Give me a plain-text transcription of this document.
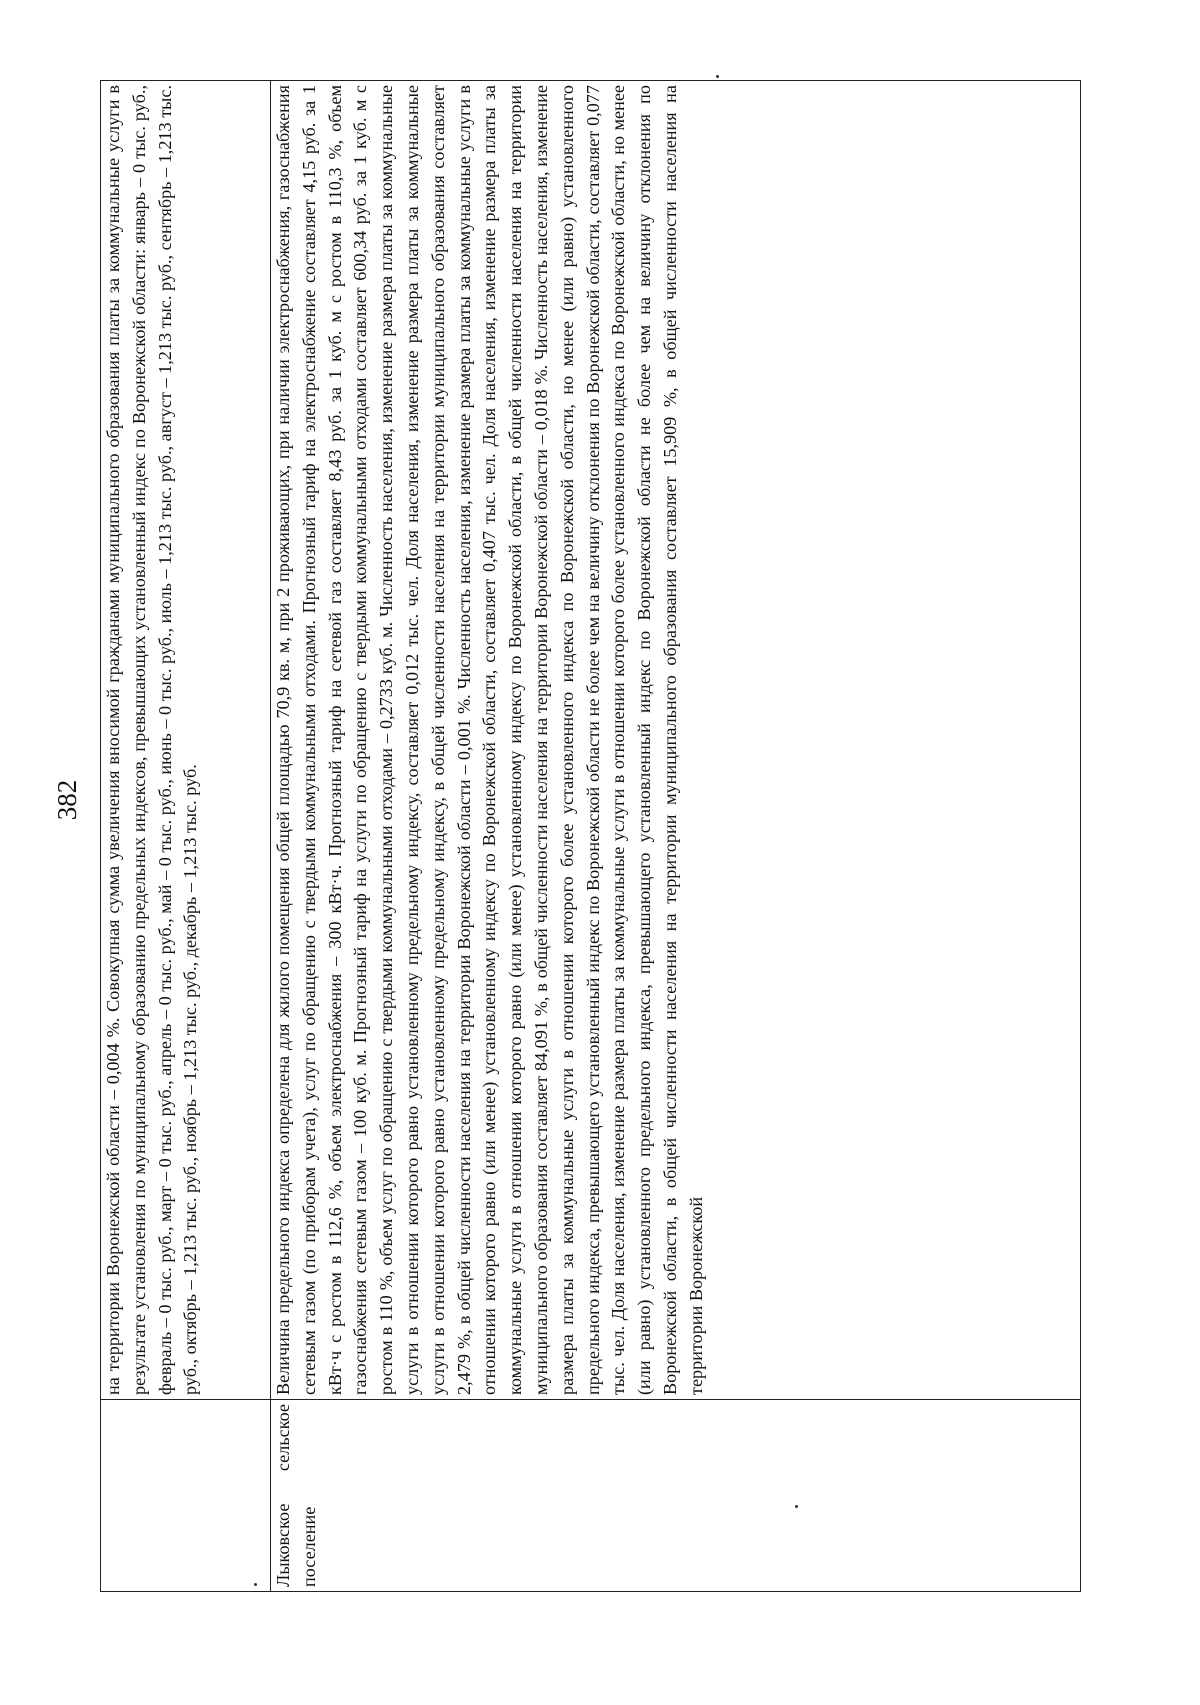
382
	на территории Воронежской области – 0,004 %. Совокупная сумма увеличения вносимой гражданами муниципального образования платы за коммунальные услуги в результате установления по муниципальному образованию предельных индексов, превышающих установленный индекс по Воронежской области: январь – 0 тыс. руб., февраль – 0 тыс. руб., март – 0 тыс. руб., апрель – 0 тыс. руб., май – 0 тыс. руб., июнь – 0 тыс. руб., июль – 1,213 тыс. руб., август – 1,213 тыс. руб., сентябрь – 1,213 тыс. руб., октябрь – 1,213 тыс. руб., ноябрь – 1,213 тыс. руб., декабрь – 1,213 тыс. руб.
Лыковское сельское поселение	Величина предельного индекса определена для жилого помещения общей площадью 70,9 кв. м, при 2 проживающих, при наличии электроснабжения, газоснабжения сетевым газом (по приборам учета), услуг по обращению с твердыми коммунальными отходами. Прогнозный тариф на электроснабжение составляет 4,15 руб. за 1 кВт·ч с ростом в 112,6 %, объем электроснабжения – 300 кВт·ч. Прогнозный тариф на сетевой газ составляет 8,43 руб. за 1 куб. м с ростом в 110,3 %, объем газоснабжения сетевым газом – 100 куб. м. Прогнозный тариф на услуги по обращению с твердыми коммунальными отходами составляет 600,34 руб. за 1 куб. м с ростом в 110 %, объем услуг по обращению с твердыми коммунальными отходами – 0,2733 куб. м. Численность населения, изменение размера платы за коммунальные услуги в отношении которого равно установленному предельному индексу, составляет 0,012 тыс. чел. Доля населения, изменение размера платы за коммунальные услуги в отношении которого равно установленному предельному индексу, в общей численности населения на территории муниципального образования составляет 2,479 %, в общей численности населения на территории Воронежской области – 0,001 %. Численность населения, изменение размера платы за коммунальные услуги в отношении которого равно (или менее) установленному индексу по Воронежской области, составляет 0,407 тыс. чел. Доля населения, изменение размера платы за коммунальные услуги в отношении которого равно (или менее) установленному индексу по Воронежской области, в общей численности населения на территории муниципального образования составляет 84,091 %, в общей численности населения на территории Воронежской области – 0,018 %. Численность населения, изменение размера платы за коммунальные услуги в отношении которого более установленного индекса по Воронежской области, но менее (или равно) установленного предельного индекса, превышающего установленный индекс по Воронежской области не более чем на величину отклонения по Воронежской области, составляет 0,077 тыс. чел. Доля населения, изменение размера платы за коммунальные услуги в отношении которого более установленного индекса по Воронежской области, но менее (или равно) установленного предельного индекса, превышающего установленный индекс по Воронежской области не более чем на величину отклонения по Воронежской области, в общей численности населения на территории муниципального образования составляет 15,909 %, в общей численности населения на территории Воронежской
